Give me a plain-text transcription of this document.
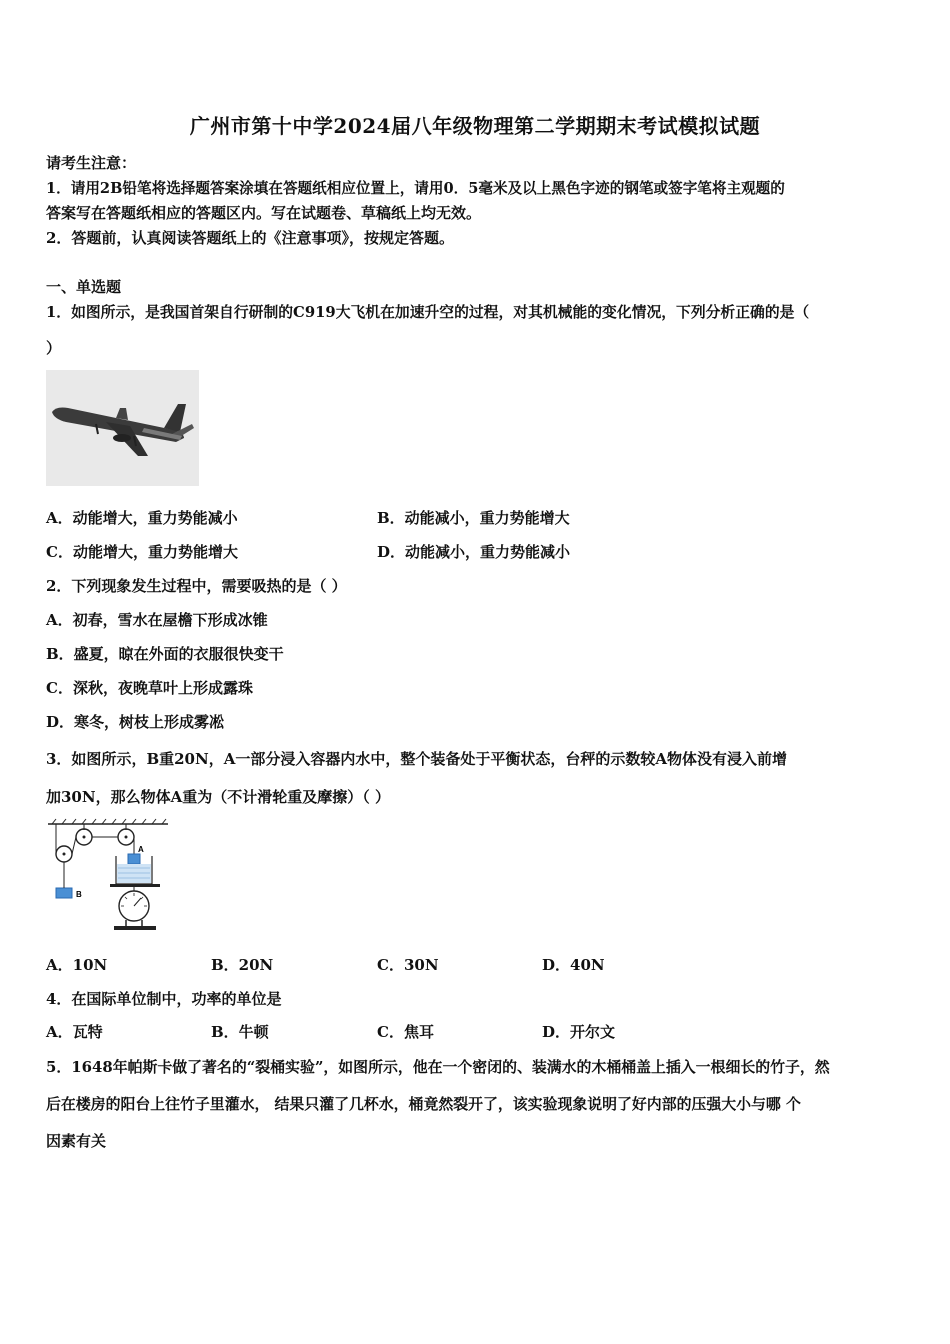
广州市第十中学2024届八年级物理第二学期期末考试模拟试题
请考生注意：
1．请用2B铅笔将选择题答案涂填在答题纸相应位置上，请用0．5毫米及以上黑色字迹的钢笔或签字笔将主观题的
答案写在答题纸相应的答题区内。写在试题卷、草稿纸上均无效。
2．答题前，认真阅读答题纸上的《注意事项》，按规定答题。
一、单选题
1．如图所示，是我国首架自行研制的C919大飞机在加速升空的过程，对其机械能的变化情况，下列分析正确的是（
）
A．动能增大，重力势能减小	B．动能减小，重力势能增大
C．动能增大，重力势能增大	D．动能减小，重力势能减小
2．下列现象发生过程中，需要吸热的是（ ）
A．初春，雪水在屋檐下形成冰锥
B．盛夏，晾在外面的衣服很快变干
C．深秋，夜晚草叶上形成露珠
D．寒冬，树枝上形成雾凇
3．如图所示，B重20N，A一部分浸入容器内水中，整个装备处于平衡状态，台秤的示数较A物体没有浸入前增
加30N，那么物体A重为（不计滑轮重及摩擦）（ ）
B
A
A．10N	B．20N	C．30N	D．40N
4．在国际单位制中，功率的单位是
A．瓦特	B．牛顿	C．焦耳	D．开尔文
5．1648年帕斯卡做了著名的“裂桶实验”，如图所示，他在一个密闭的、装满水的木桶桶盖上插入一根细长的竹子，然
后在楼房的阳台上往竹子里灌水， 结果只灌了几杯水，桶竟然裂开了，该实验现象说明了好内部的压强大小与哪 个
因素有关
